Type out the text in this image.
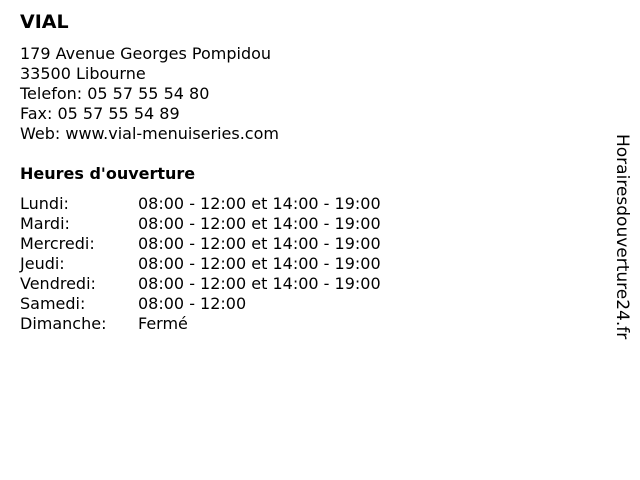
VIAL
179 Avenue Georges Pompidou
33500 Libourne
Telefon: 05 57 55 54 80
Fax: 05 57 55 54 89
Web: www.vial-menuiseries.com
Heures d'ouverture
Lundi:	08:00 - 12:00 et 14:00 - 19:00
Mardi:	08:00 - 12:00 et 14:00 - 19:00
Mercredi:	08:00 - 12:00 et 14:00 - 19:00
Jeudi:	08:00 - 12:00 et 14:00 - 19:00
Vendredi:	08:00 - 12:00 et 14:00 - 19:00
Samedi:	08:00 - 12:00
Dimanche: Fermé	Horairesdouverture24.fr
